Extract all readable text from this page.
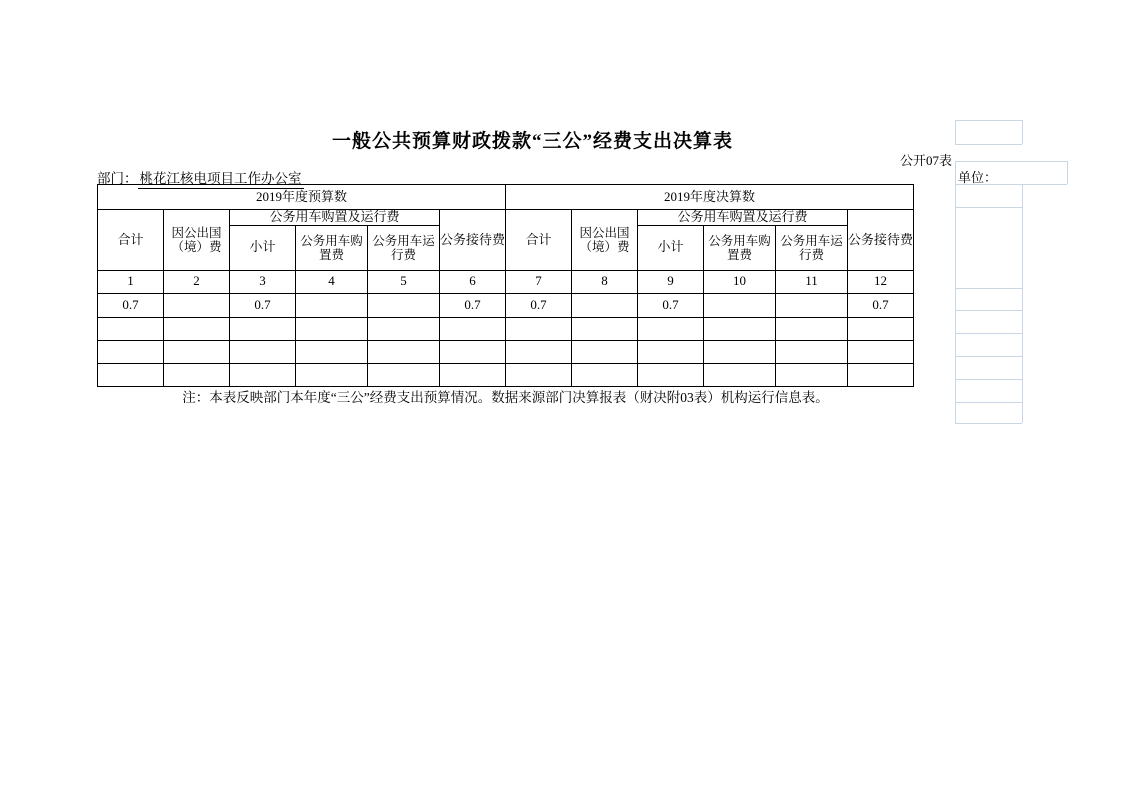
一般公共预算财政拨款“三公”经费支出决算表
公开07表
部门： 桃花江核电项目工作办公室	单位：
2019年度预算数						2019年度决算数					
合计	因公出国（境）费	公务用车购置及运行费			公务接待费	合计	因公出国（境）费	公务用车购置及运行费			公务接待费
		小计	公务用车购置费	公务用车运行费				小计	公务用车购置费	公务用车运行费	
1	2	3	4	5	6	7	8	9	10	11	12
0.7		0.7			0.7	0.7		0.7			0.7

注：本表反映部门本年度“三公”经费支出预算情况。数据来源部门决算报表（财决附03表）机构运行信息表。											
